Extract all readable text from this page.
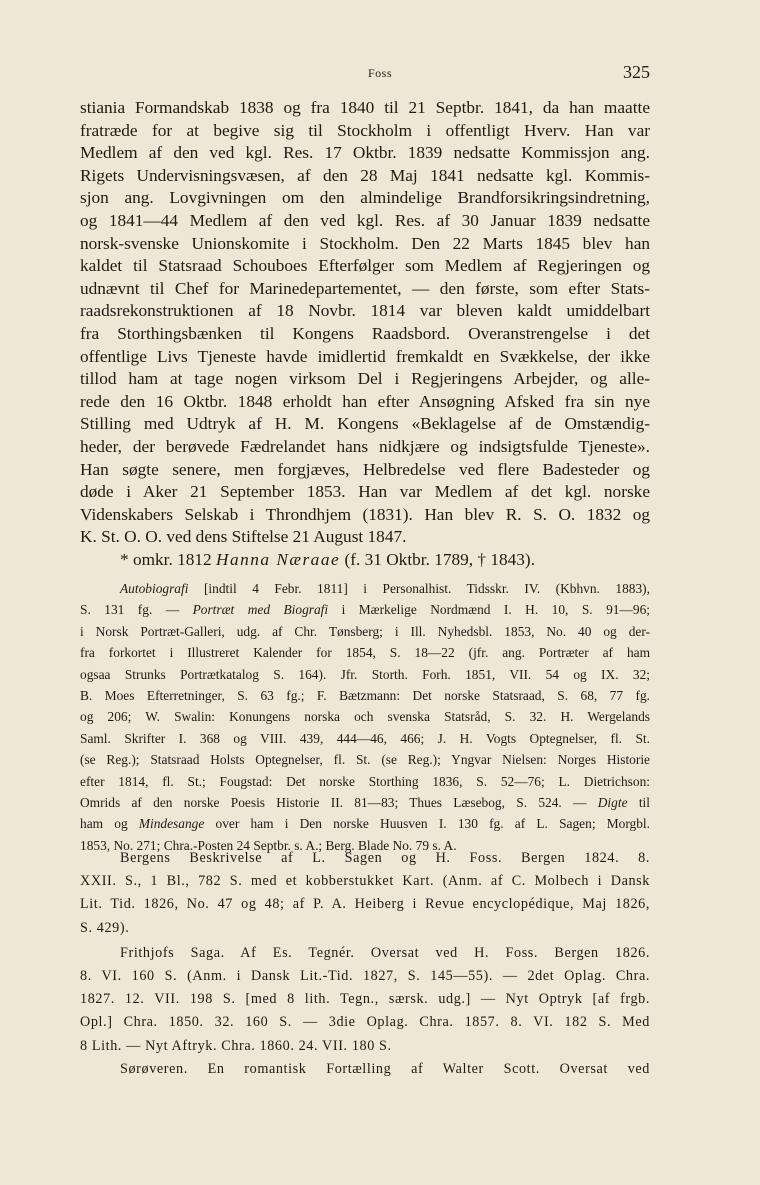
Foss	325
stiania Formandskab 1838 og fra 1840 til 21 Septbr. 1841, da han maatte
fratræde for at begive sig til Stockholm i offentligt Hverv. Han var
Medlem af den ved kgl. Res. 17 Oktbr. 1839 nedsatte Kommissjon ang.
Rigets Undervisningsvæsen, af den 28 Maj 1841 nedsatte kgl. Kommis-
sjon ang. Lovgivningen om den almindelige Brandforsikringsindretning,
og 1841—44 Medlem af den ved kgl. Res. af 30 Januar 1839 nedsatte
norsk-svenske Unionskomite i Stockholm. Den 22 Marts 1845 blev han
kaldet til Statsraad Schouboes Efterfølger som Medlem af Regjeringen og
udnævnt til Chef for Marinedepartementet, — den første, som efter Stats-
raadsrekonstruktionen af 18 Novbr. 1814 var bleven kaldt umiddelbart
fra Storthingsbænken til Kongens Raadsbord. Overanstrengelse i det
offentlige Livs Tjeneste havde imidlertid fremkaldt en Svækkelse, der ikke
tillod ham at tage nogen virksom Del i Regjeringens Arbejder, og alle-
rede den 16 Oktbr. 1848 erholdt han efter Ansøgning Afsked fra sin nye
Stilling med Udtryk af H. M. Kongens «Beklagelse af de Omstændig-
heder, der berøvede Fædrelandet hans nidkjære og indsigtsfulde Tjeneste».
Han søgte senere, men forgjæves, Helbredelse ved flere Badesteder og
døde i Aker 21 September 1853. Han var Medlem af det kgl. norske
Videnskabers Selskab i Throndhjem (1831). Han blev R. S. O. 1832 og
K. St. O. O. ved dens Stiftelse 21 August 1847.
* omkr. 1812 Hanna Næraae (f. 31 Oktbr. 1789, † 1843).
Autobiografi [indtil 4 Febr. 1811] i Personalhist. Tidsskr. IV. (Kbhvn. 1883),
S. 131 fg. — Portræt med Biografi i Mærkelige Nordmænd I. H. 10, S. 91—96;
i Norsk Portræt-Galleri, udg. af Chr. Tønsberg; i Ill. Nyhedsbl. 1853, No. 40 og der-
fra forkortet i Illustreret Kalender for 1854, S. 18—22 (jfr. ang. Portræter af ham
ogsaa Strunks Portrætkatalog S. 164). Jfr. Storth. Forh. 1851, VII. 54 og IX. 32;
B. Moes Efterretninger, S. 63 fg.; F. Bætzmann: Det norske Statsraad, S. 68, 77 fg.
og 206; W. Swalin: Konungens norska och svenska Statsråd, S. 32. H. Wergelands
Saml. Skrifter I. 368 og VIII. 439, 444—46, 466; J. H. Vogts Optegnelser, fl. St.
(se Reg.); Statsraad Holsts Optegnelser, fl. St. (se Reg.); Yngvar Nielsen: Norges Historie
efter 1814, fl. St.; Fougstad: Det norske Storthing 1836, S. 52—76; L. Dietrichson:
Omrids af den norske Poesis Historie II. 81—83; Thues Læsebog, S. 524. — Digte til
ham og Mindesange over ham i Den norske Huusven I. 130 fg. af L. Sagen; Morgbl.
1853, No. 271; Chra.-Posten 24 Septbr. s. A.; Berg. Blade No. 79 s. A.
Bergens Beskrivelse af L. Sagen og H. Foss. Bergen 1824. 8.
XXII. S., 1 Bl., 782 S. med et kobberstukket Kart. (Anm. af C. Molbech i Dansk
Lit. Tid. 1826, No. 47 og 48; af P. A. Heiberg i Revue encyclopédique, Maj 1826,
S. 429).
Frithjofs Saga. Af Es. Tegnér. Oversat ved H. Foss. Bergen 1826.
8. VI. 160 S. (Anm. i Dansk Lit.-Tid. 1827, S. 145—55). — 2det Oplag. Chra.
1827. 12. VII. 198 S. [med 8 lith. Tegn., særsk. udg.] — Nyt Optryk [af frgb.
Opl.] Chra. 1850. 32. 160 S. — 3die Oplag. Chra. 1857. 8. VI. 182 S. Med
8 Lith. — Nyt Aftryk. Chra. 1860. 24. VII. 180 S.
Sørøveren. En romantisk Fortælling af Walter Scott. Oversat ved
